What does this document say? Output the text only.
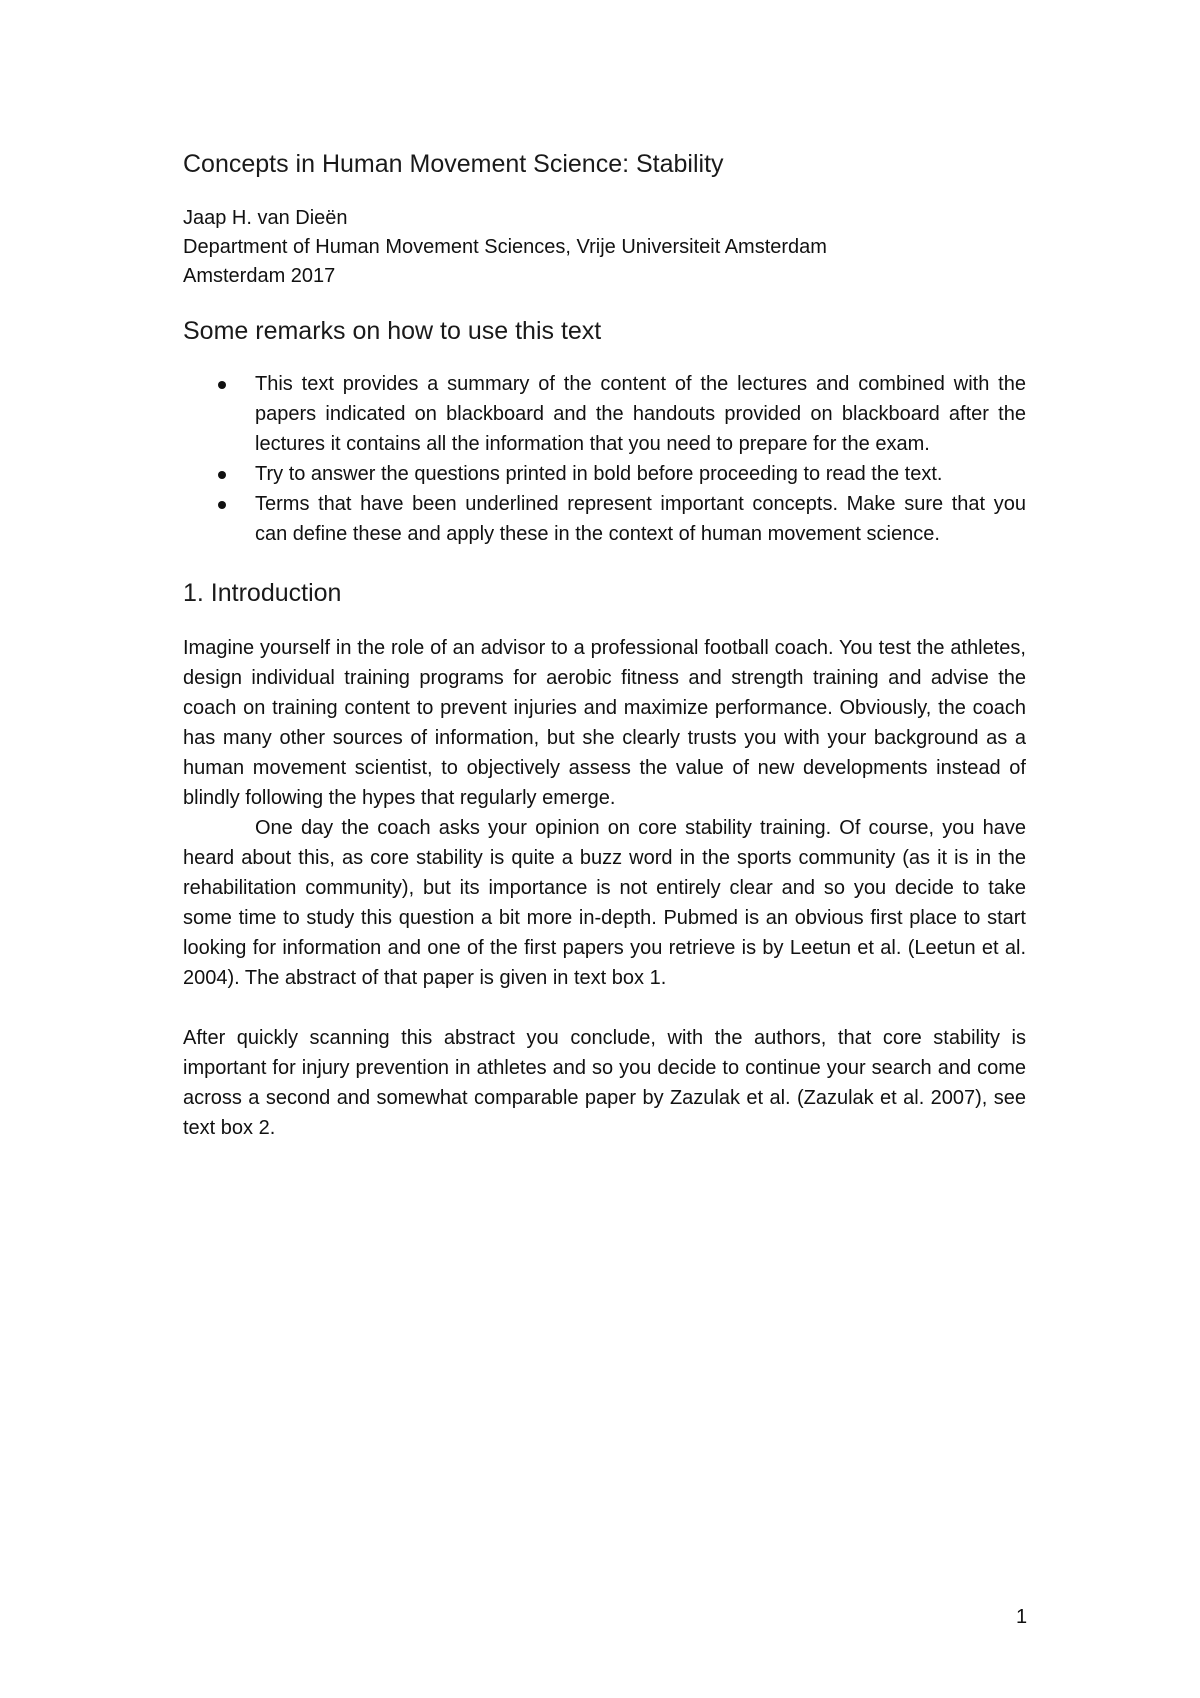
Concepts in Human Movement Science: Stability
Jaap H. van Dieën
Department of Human Movement Sciences, Vrije Universiteit Amsterdam
Amsterdam 2017
Some remarks on how to use this text
This text provides a summary of the content of the lectures and combined with the papers indicated on blackboard and the handouts provided on blackboard after the lectures it contains all the information that you need to prepare for the exam.
Try to answer the questions printed in bold before proceeding to read the text.
Terms that have been underlined represent important concepts. Make sure that you can define these and apply these in the context of human movement science.
1. Introduction

Imagine yourself in the role of an advisor to a professional football coach. You test the athletes, design individual training programs for aerobic fitness and strength training and advise the coach on training content to prevent injuries and maximize performance. Obviously, the coach has many other sources of information, but she clearly trusts you with your background as a human movement scientist, to objectively assess the value of new developments instead of blindly following the hypes that regularly emerge.

One day the coach asks your opinion on core stability training. Of course, you have heard about this, as core stability is quite a buzz word in the sports community (as it is in the rehabilitation community), but its importance is not entirely clear and so you decide to take some time to study this question a bit more in-depth. Pubmed is an obvious first place to start looking for information and one of the first papers you retrieve is by Leetun et al. (Leetun et al. 2004). The abstract of that paper is given in text box 1.

After quickly scanning this abstract you conclude, with the authors, that core stability is important for injury prevention in athletes and so you decide to continue your search and come across a second and somewhat comparable paper by Zazulak et al. (Zazulak et al. 2007), see text box 2.

1
